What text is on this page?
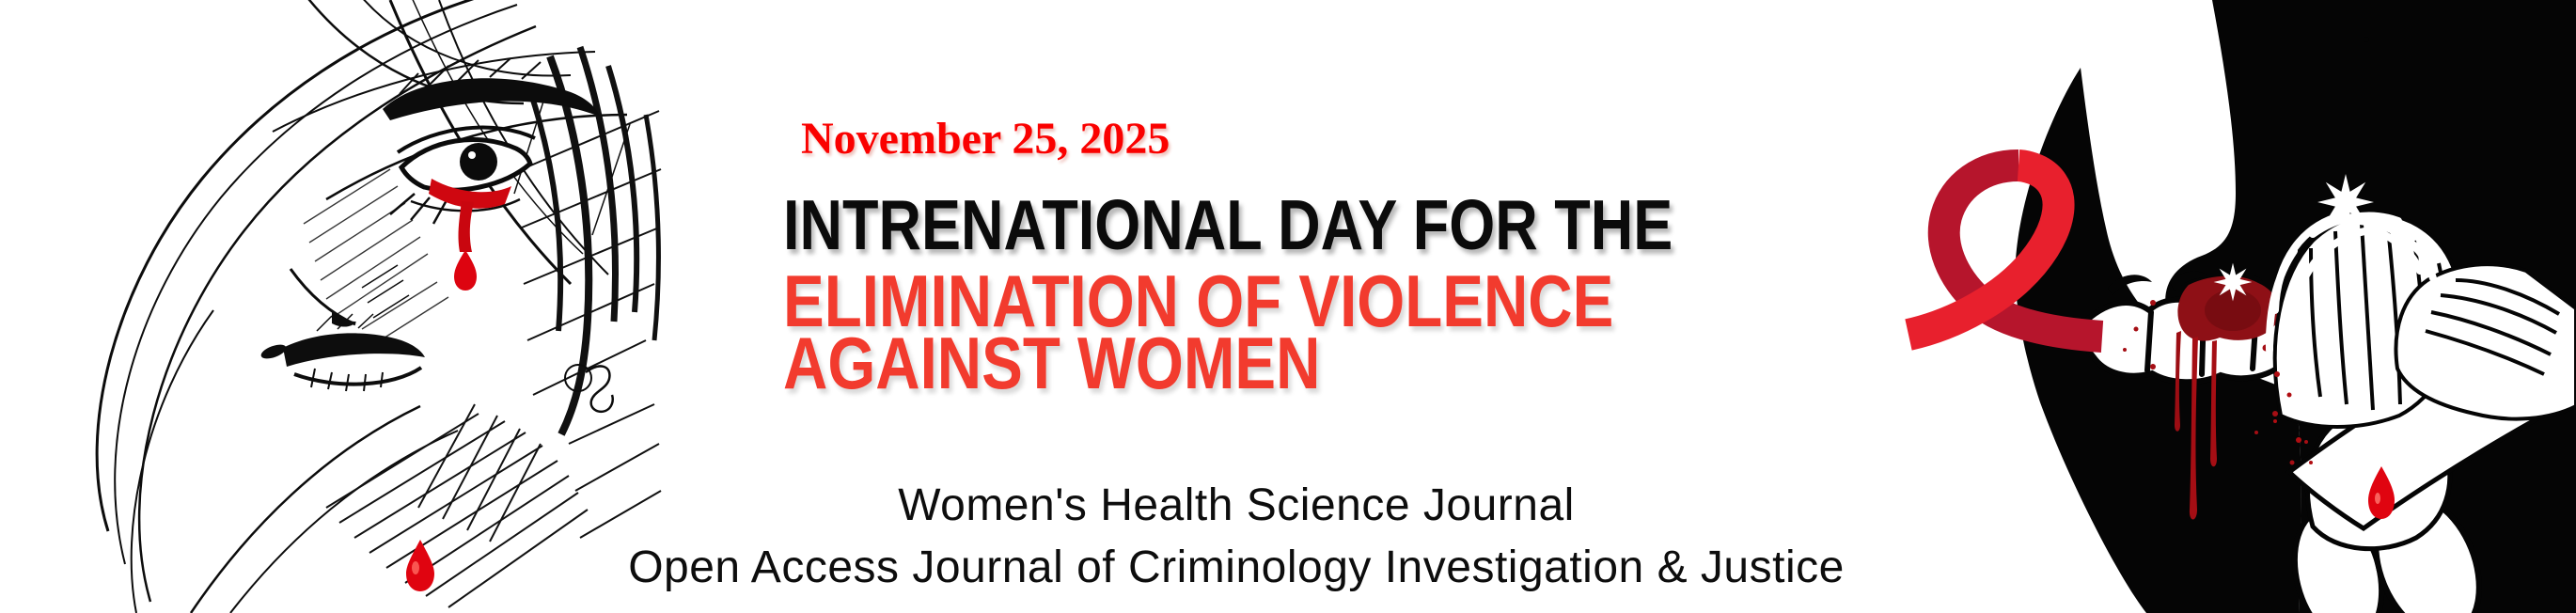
November 25, 2025
INTRENATIONAL DAY FOR THE
ELIMINATION OF VIOLENCE
AGAINST WOMEN
Women's Health Science Journal
Open Access Journal of Criminology Investigation & Justice
